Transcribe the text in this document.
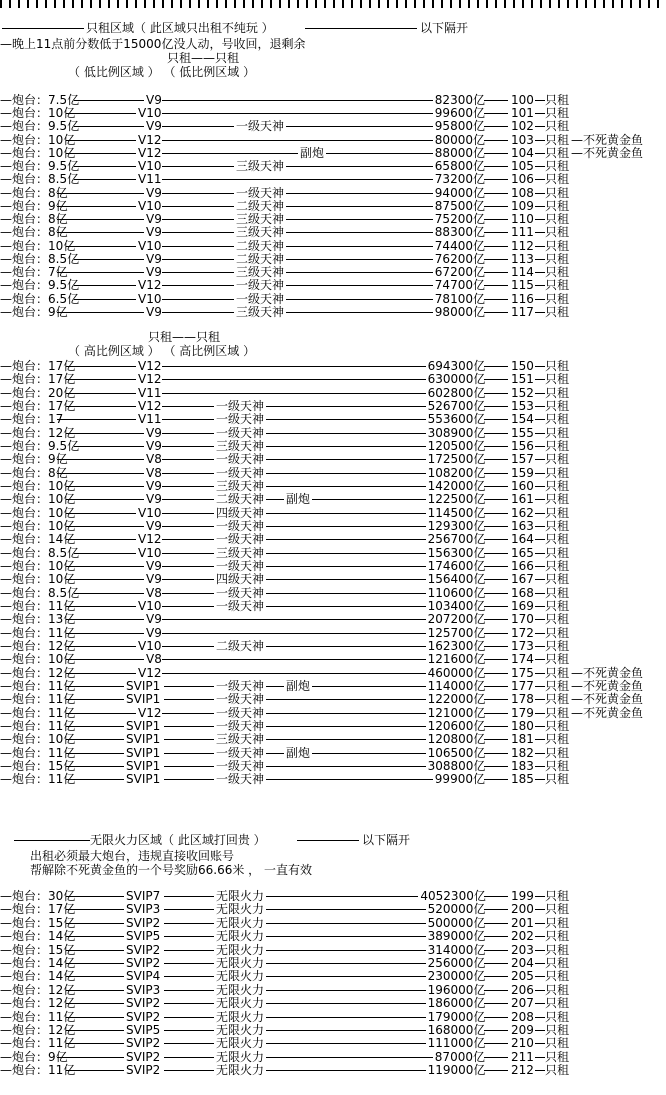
只租区域（ 此区域只出租不纯玩 ）	以下隔开
—晚上11点前分数低于15000亿没人动，号收回，退剩余
只租——只租
（ 低比例区域 ） （ 低比例区域 ）
—炮台：7.5亿	V9	82300亿 100 只租
—炮台：10亿	V10	99600亿 101 只租
—炮台：9.5亿	V9	一级天神	95800亿 102 只租
—炮台：10亿	V12	80000亿 103 只租 —不死黄金鱼
—炮台：10亿	V12	副炮	88000亿 104 只租 —不死黄金鱼
—炮台：9.5亿	V10	三级天神	65800亿 105 只租
—炮台：8.5亿	V11	73200亿 106 只租
—炮台：8亿	V9	一级天神	94000亿 108 只租
—炮台：9亿	V10	二级天神	87500亿 109 只租
—炮台：8亿	V9	三级天神	75200亿 110 只租
—炮台：8亿	V9	三级天神	88300亿 111 只租
—炮台：10亿	V10	二级天神	74400亿 112 只租
—炮台：8.5亿	V9	二级天神	76200亿 113 只租
—炮台：7亿	V9	三级天神	67200亿 114 只租
—炮台：9.5亿	V12	一级天神	74700亿 115 只租
—炮台：6.5亿	V10	一级天神	78100亿 116 只租
—炮台：9亿	V9	三级天神	98000亿 117 只租
只租——只租
（ 高比例区域 ） （ 高比例区域 ）
—炮台：17亿	V12	694300亿 150 只租
—炮台：17亿	V12	630000亿 151 只租
—炮台：20亿	V11	602800亿 152 只租
—炮台：17亿	V12	一级天神	526700亿 153 只租
—炮台：17	V11	一级天神	553600亿 154 只租
—炮台：12亿	V9	一级天神	308900亿 155 只租
—炮台：9.5亿	V9	三级天神	120500亿 156 只租
—炮台：9亿	V8	一级天神	172500亿 157 只租
—炮台：8亿	V8	一级天神	108200亿 159 只租
—炮台：10亿	V9	三级天神	142000亿 160 只租
—炮台：10亿	V9	二级天神 副炮	122500亿 161 只租
—炮台：10亿	V10	四级天神	114500亿 162 只租
—炮台：10亿	V9	一级天神	129300亿 163 只租
—炮台：14亿	V12	一级天神	256700亿 164 只租
—炮台：8.5亿	V10	三级天神	156300亿 165 只租
—炮台：10亿	V9	一级天神	174600亿 166 只租
—炮台：10亿	V9	四级天神	156400亿 167 只租
—炮台：8.5亿	V8	一级天神	110600亿 168 只租
—炮台：11亿	V10	一级天神	103400亿 169 只租
—炮台：13亿	V9	207200亿 170 只租
—炮台：11亿	V9	125700亿 172 只租
—炮台：12亿	V10	二级天神	162300亿 173 只租
—炮台：10亿	V8	121600亿 174 只租
—炮台：12亿	V12	460000亿 175 只租 —不死黄金鱼
—炮台：11亿	SVIP1	一级天神 副炮	114000亿 177 只租 —不死黄金鱼
—炮台：11亿	SVIP1	一级天神	122000亿 178 只租 —不死黄金鱼
—炮台：11亿	V12	一级天神	121000亿 179 只租 —不死黄金鱼
—炮台：11亿	SVIP1	一级天神	120600亿 180 只租
—炮台：10亿	SVIP1	三级天神	120800亿 181 只租
—炮台：11亿	SVIP1	一级天神 副炮	106500亿 182 只租
—炮台：15亿	SVIP1	一级天神	308800亿 183 只租
—炮台：11亿	SVIP1	一级天神	99900亿 185 只租
无限火力区域（ 此区域打回贵 ）	以下隔开
出租必须最大炮台，违规直接收回账号
帮解除不死黄金鱼的一个号奖励66.66米 ， 一直有效
—炮台：30亿	SVIP7	无限火力	4052300亿 199 只租
—炮台：17亿	SVIP3	无限火力	520000亿 200 只租
—炮台：15亿	SVIP2	无限火力	500000亿 201 只租
—炮台：14亿	SVIP5	无限火力	389000亿 202 只租
—炮台：15亿	SVIP2	无限火力	314000亿 203 只租
—炮台：14亿	SVIP2	无限火力	256000亿 204 只租
—炮台：14亿	SVIP4	无限火力	230000亿 205 只租
—炮台：12亿	SVIP3	无限火力	196000亿 206 只租
—炮台：12亿	SVIP2	无限火力	186000亿 207 只租
—炮台：11亿	SVIP2	无限火力	179000亿 208 只租
—炮台：12亿	SVIP5	无限火力	168000亿 209 只租
—炮台：11亿	SVIP2	无限火力	111000亿 210 只租
—炮台：9亿	SVIP2	无限火力	87000亿 211 只租
—炮台：11亿	SVIP2	无限火力	119000亿 212 只租
